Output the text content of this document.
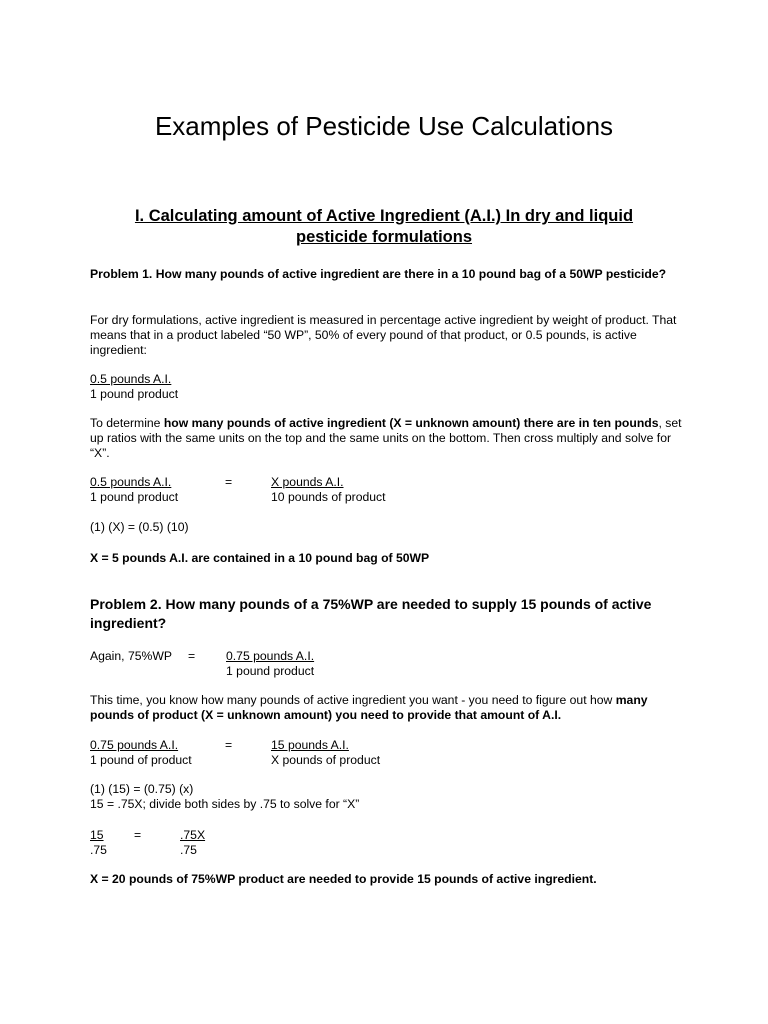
Examples of Pesticide Use Calculations
I. Calculating amount of Active Ingredient (A.I.) In dry and liquid pesticide formulations
Problem 1. How many pounds of active ingredient are there in a 10 pound bag of a 50WP pesticide?
For dry formulations, active ingredient is measured in percentage active ingredient by weight of product. That means that in a product labeled “50 WP”, 50% of every pound of that product, or 0.5 pounds, is active ingredient:
0.5 pounds A.I.
1 pound product
To determine how many pounds of active ingredient (X = unknown amount) there are in ten pounds, set up ratios with the same units on the top and the same units on the bottom. Then cross multiply and solve for “X”.
0.5 pounds A.I.
1 pound product
=	X pounds A.I.
10 pounds of product
(1) (X) = (0.5) (10)
X = 5 pounds A.I. are contained in a 10 pound bag of 50WP
Problem 2. How many pounds of a 75%WP are needed to supply 15 pounds of active ingredient?
Again, 75%WP =	0.75 pounds A.I.
1 pound product
This time, you know how many pounds of active ingredient you want - you need to figure out how many pounds of product (X = unknown amount) you need to provide that amount of A.I.
0.75 pounds A.I.
1 pound of product
=	15 pounds A.I.
X pounds of product
(1) (15) = (0.75) (x)
15 = .75X; divide both sides by .75 to solve for “X”
$\frac{15}{.75}$ =	$\frac{.75X}{.75}$
X = 20 pounds of 75%WP product are needed to provide 15 pounds of active ingredient.
